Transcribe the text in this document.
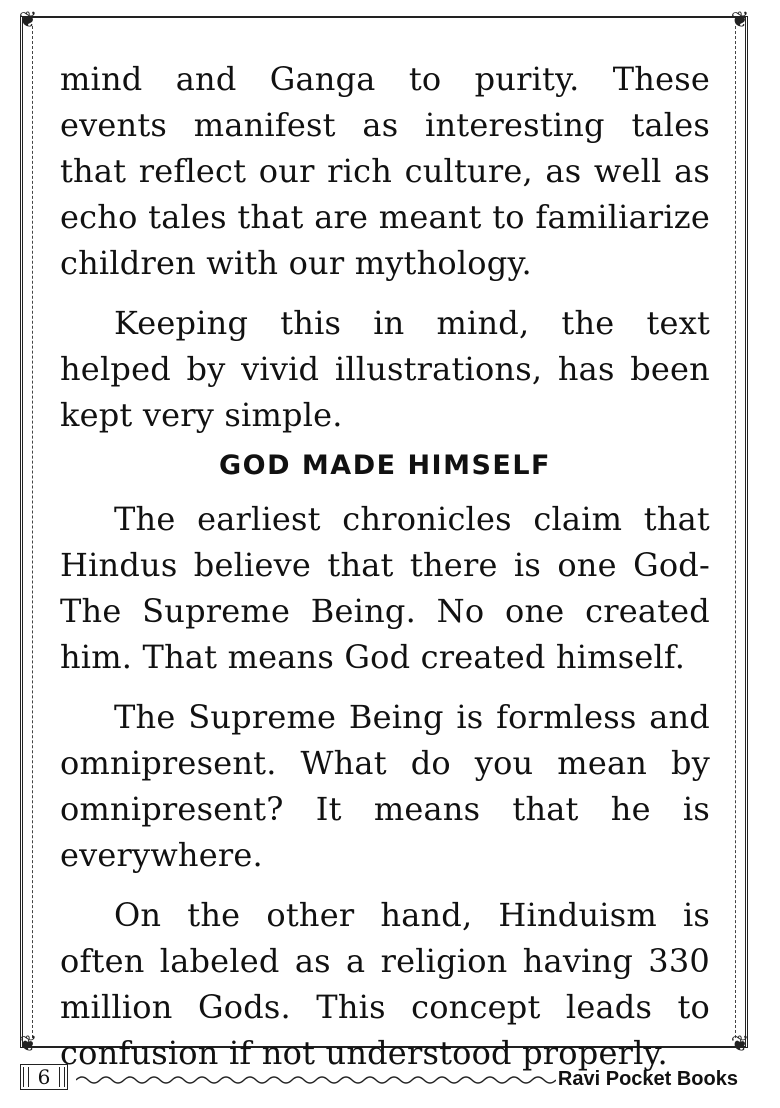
❦	❦
❦	❦

mind and Ganga to purity. These events manifest as interesting tales that reflect our rich culture, as well as echo tales that are meant to familiarize children with our mythology.

Keeping this in mind, the text helped by vivid illustrations, has been kept very simple.

GOD MADE HIMSELF

The earliest chronicles claim that Hindus believe that there is one God-The Supreme Being. No one created him. That means God created himself.

The Supreme Being is formless and omnipresent. What do you mean by omnipresent? It means that he is everywhere.

On the other hand, Hinduism is often labeled as a religion having 330 million Gods. This concept leads to confusion if not understood properly.

6	Ravi Pocket Books
